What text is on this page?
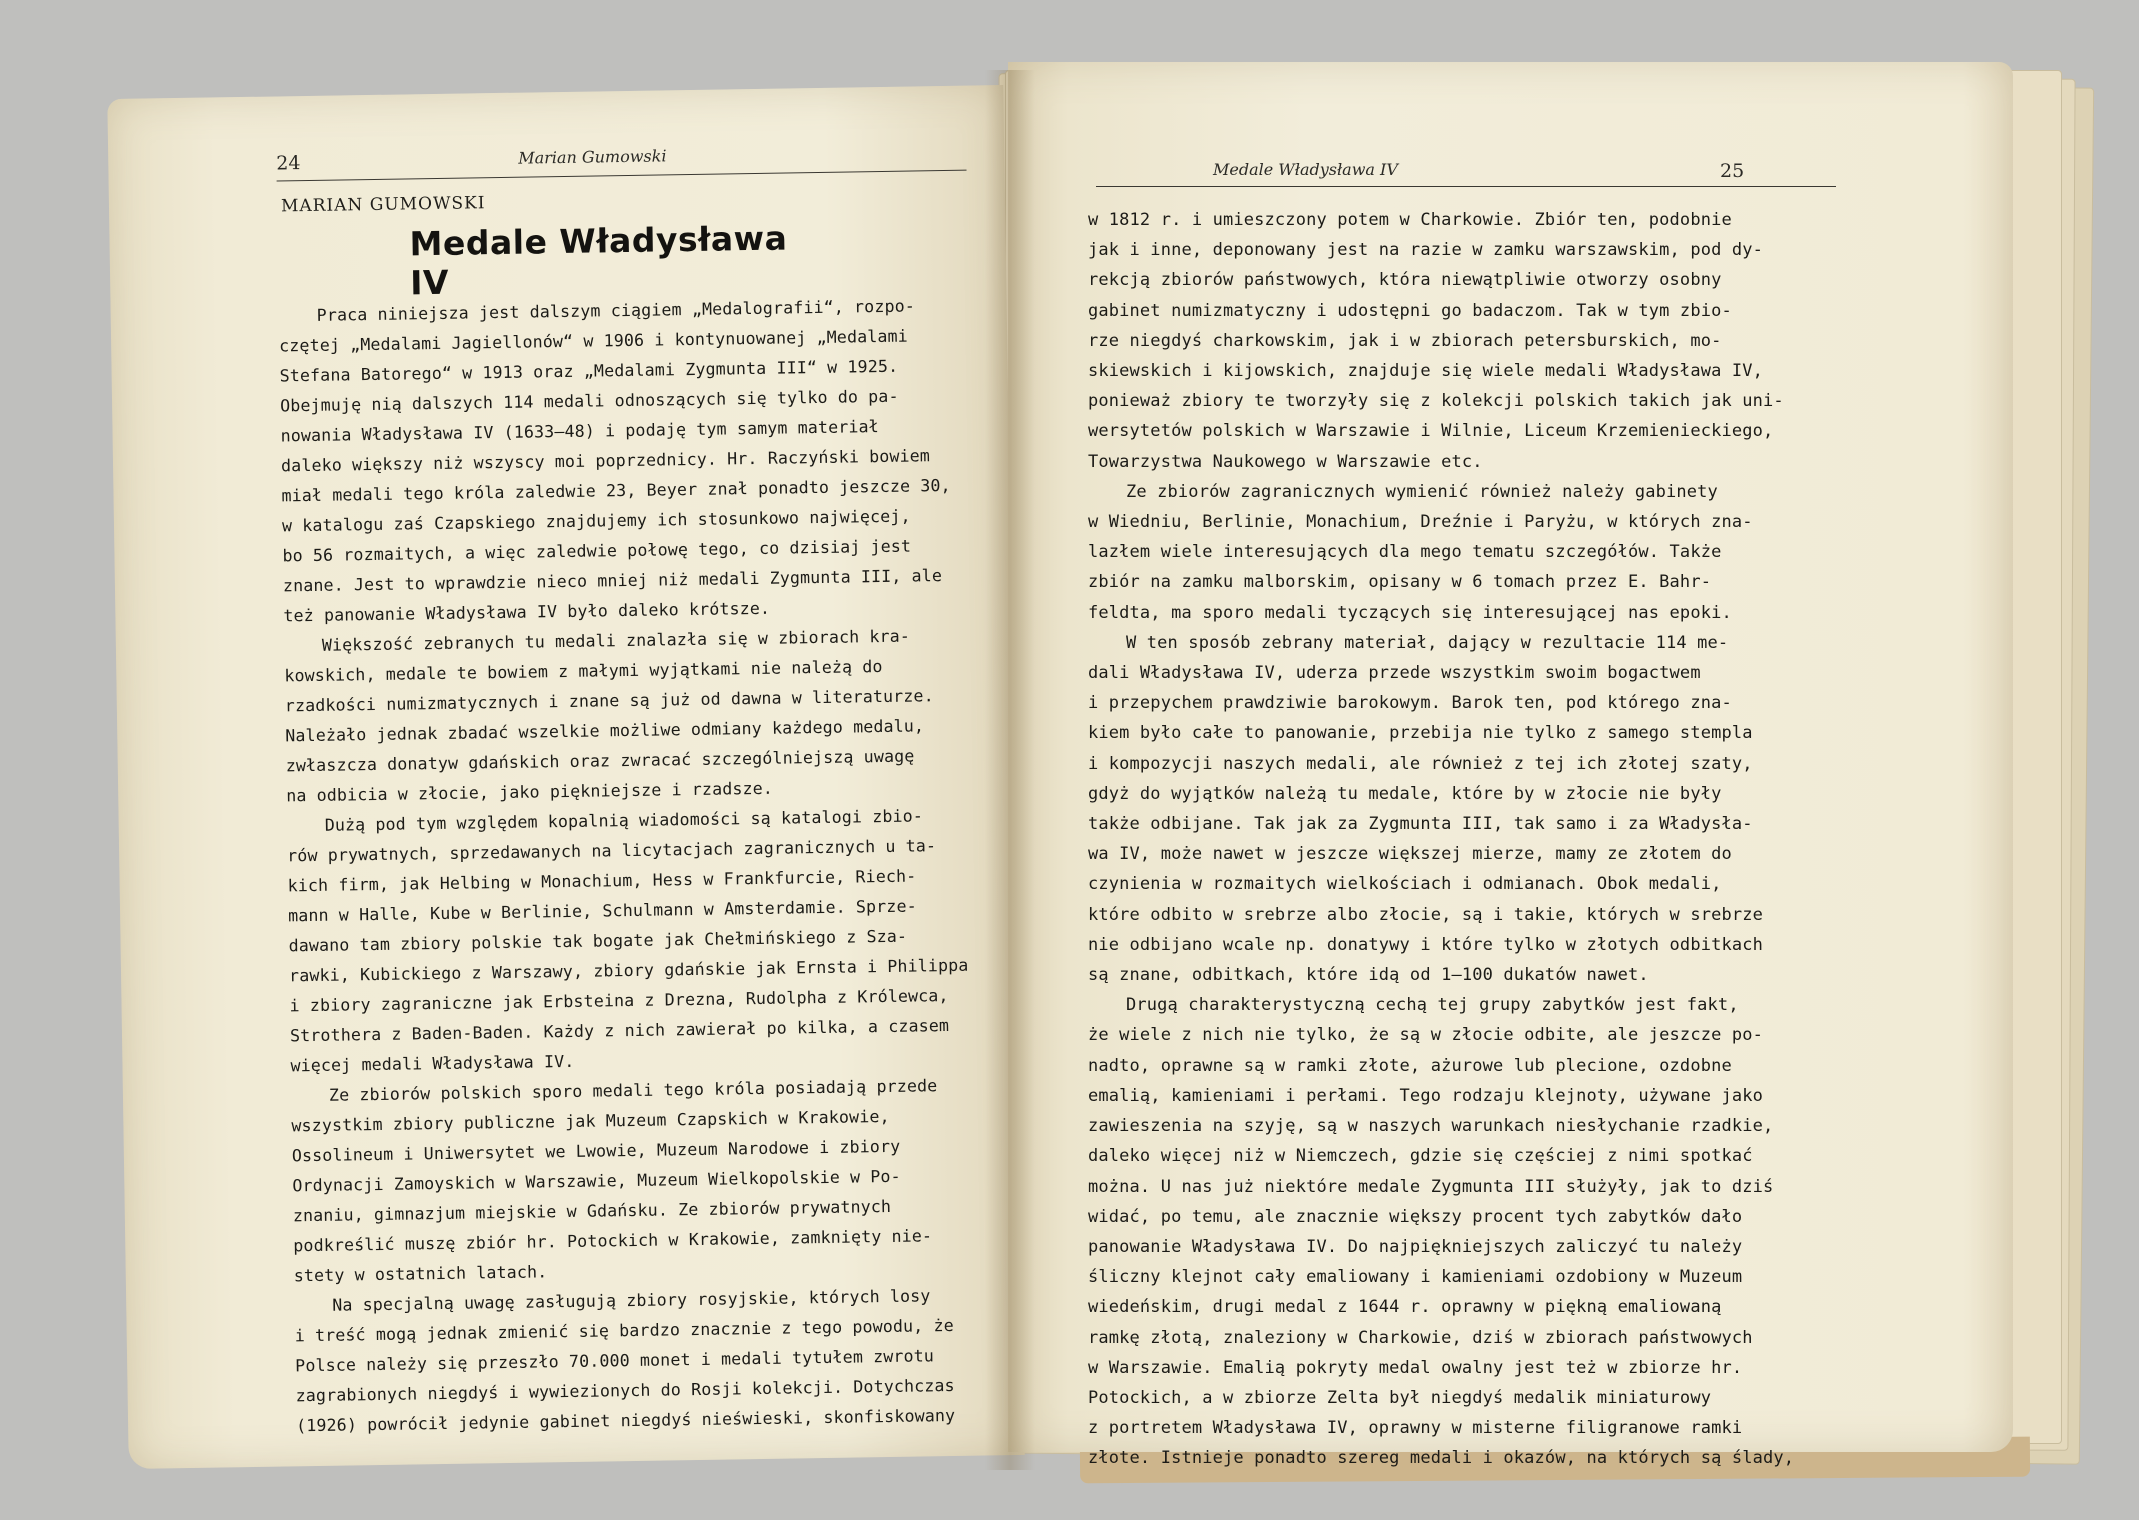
24	Marian Gumowski
MARIAN GUMOWSKI
Medale Władysława IV
Praca niniejsza jest dalszym ciągiem „Medalografii“, rozpo-
czętej „Medalami Jagiellonów“ w 1906 i kontynuowanej „Medalami
Stefana Batorego“ w 1913 oraz „Medalami Zygmunta III“ w 1925.
Obejmuję nią dalszych 114 medali odnoszących się tylko do pa-
nowania Władysława IV (1633–48) i podaję tym samym materiał
daleko większy niż wszyscy moi poprzednicy. Hr. Raczyński bowiem
miał medali tego króla zaledwie 23, Beyer znał ponadto jeszcze 30,
w katalogu zaś Czapskiego znajdujemy ich stosunkowo najwięcej,
bo 56 rozmaitych, a więc zaledwie połowę tego, co dzisiaj jest
znane. Jest to wprawdzie nieco mniej niż medali Zygmunta III, ale
też panowanie Władysława IV było daleko krótsze.
Większość zebranych tu medali znalazła się w zbiorach kra-
kowskich, medale te bowiem z małymi wyjątkami nie należą do
rzadkości numizmatycznych i znane są już od dawna w literaturze.
Należało jednak zbadać wszelkie możliwe odmiany każdego medalu,
zwłaszcza donatyw gdańskich oraz zwracać szczególniejszą uwagę
na odbicia w złocie, jako piękniejsze i rzadsze.
Dużą pod tym względem kopalnią wiadomości są katalogi zbio-
rów prywatnych, sprzedawanych na licytacjach zagranicznych u ta-
kich firm, jak Helbing w Monachium, Hess w Frankfurcie, Riech-
mann w Halle, Kube w Berlinie, Schulmann w Amsterdamie. Sprze-
dawano tam zbiory polskie tak bogate jak Chełmińskiego z Sza-
rawki, Kubickiego z Warszawy, zbiory gdańskie jak Ernsta i Philippa
i zbiory zagraniczne jak Erbsteina z Drezna, Rudolpha z Królewca,
Strothera z Baden-Baden. Każdy z nich zawierał po kilka, a czasem
więcej medali Władysława IV.
Ze zbiorów polskich sporo medali tego króla posiadają przede
wszystkim zbiory publiczne jak Muzeum Czapskich w Krakowie,
Ossolineum i Uniwersytet we Lwowie, Muzeum Narodowe i zbiory
Ordynacji Zamoyskich w Warszawie, Muzeum Wielkopolskie w Po-
znaniu, gimnazjum miejskie w Gdańsku. Ze zbiorów prywatnych
podkreślić muszę zbiór hr. Potockich w Krakowie, zamknięty nie-
stety w ostatnich latach.
Na specjalną uwagę zasługują zbiory rosyjskie, których losy
i treść mogą jednak zmienić się bardzo znacznie z tego powodu, że
Polsce należy się przeszło 70.000 monet i medali tytułem zwrotu
zagrabionych niegdyś i wywiezionych do Rosji kolekcji. Dotychczas
(1926) powrócił jedynie gabinet niegdyś nieświeski, skonfiskowany
Medale Władysława IV	25
w 1812 r. i umieszczony potem w Charkowie. Zbiór ten, podobnie
jak i inne, deponowany jest na razie w zamku warszawskim, pod dy-
rekcją zbiorów państwowych, która niewątpliwie otworzy osobny
gabinet numizmatyczny i udostępni go badaczom. Tak w tym zbio-
rze niegdyś charkowskim, jak i w zbiorach petersburskich, mo-
skiewskich i kijowskich, znajduje się wiele medali Władysława IV,
ponieważ zbiory te tworzyły się z kolekcji polskich takich jak uni-
wersytetów polskich w Warszawie i Wilnie, Liceum Krzemienieckiego,
Towarzystwa Naukowego w Warszawie etc.
Ze zbiorów zagranicznych wymienić również należy gabinety
w Wiedniu, Berlinie, Monachium, Dreźnie i Paryżu, w których zna-
lazłem wiele interesujących dla mego tematu szczegółów. Także
zbiór na zamku malborskim, opisany w 6 tomach przez E. Bahr-
feldta, ma sporo medali tyczących się interesującej nas epoki.
W ten sposób zebrany materiał, dający w rezultacie 114 me-
dali Władysława IV, uderza przede wszystkim swoim bogactwem
i przepychem prawdziwie barokowym. Barok ten, pod którego zna-
kiem było całe to panowanie, przebija nie tylko z samego stempla
i kompozycji naszych medali, ale również z tej ich złotej szaty,
gdyż do wyjątków należą tu medale, które by w złocie nie były
także odbijane. Tak jak za Zygmunta III, tak samo i za Władysła-
wa IV, może nawet w jeszcze większej mierze, mamy ze złotem do
czynienia w rozmaitych wielkościach i odmianach. Obok medali,
które odbito w srebrze albo złocie, są i takie, których w srebrze
nie odbijano wcale np. donatywy i które tylko w złotych odbitkach
są znane, odbitkach, które idą od 1—100 dukatów nawet.
Drugą charakterystyczną cechą tej grupy zabytków jest fakt,
że wiele z nich nie tylko, że są w złocie odbite, ale jeszcze po-
nadto, oprawne są w ramki złote, ażurowe lub plecione, ozdobne
emalią, kamieniami i perłami. Tego rodzaju klejnoty, używane jako
zawieszenia na szyję, są w naszych warunkach niesłychanie rzadkie,
daleko więcej niż w Niemczech, gdzie się częściej z nimi spotkać
można. U nas już niektóre medale Zygmunta III służyły, jak to dziś
widać, po temu, ale znacznie większy procent tych zabytków dało
panowanie Władysława IV. Do najpiękniejszych zaliczyć tu należy
śliczny klejnot cały emaliowany i kamieniami ozdobiony w Muzeum
wiedeńskim, drugi medal z 1644 r. oprawny w piękną emaliowaną
ramkę złotą, znaleziony w Charkowie, dziś w zbiorach państwowych
w Warszawie. Emalią pokryty medal owalny jest też w zbiorze hr.
Potockich, a w zbiorze Zelta był niegdyś medalik miniaturowy
z portretem Władysława IV, oprawny w misterne filigranowe ramki
złote. Istnieje ponadto szereg medali i okazów, na których są ślady,
